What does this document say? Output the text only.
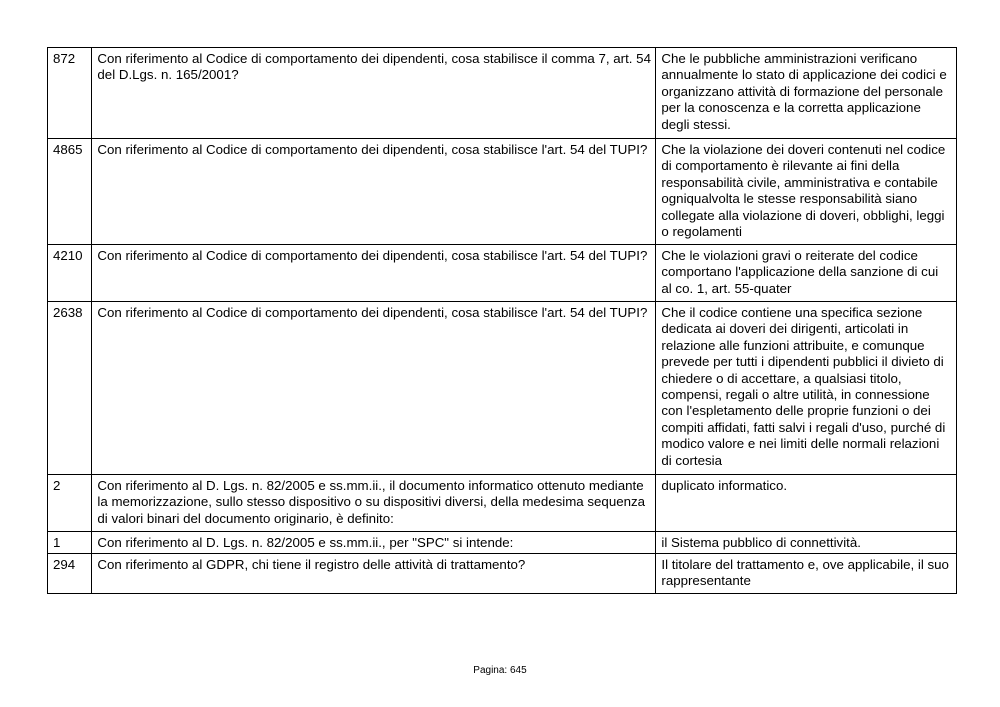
872	Con riferimento al Codice di comportamento dei dipendenti, cosa stabilisce il comma 7, art. 54 del D.Lgs. n. 165/2001?	Che le pubbliche amministrazioni verificano annualmente lo stato di applicazione dei codici e organizzano attività di formazione del personale per la conoscenza e la corretta applicazione degli stessi.
4865	Con riferimento al Codice di comportamento dei dipendenti, cosa stabilisce l'art. 54 del TUPI?	Che la violazione dei doveri contenuti nel codice di comportamento è rilevante ai fini della responsabilità civile, amministrativa e contabile ogniqualvolta le stesse responsabilità siano collegate alla violazione di doveri, obblighi, leggi o regolamenti
4210	Con riferimento al Codice di comportamento dei dipendenti, cosa stabilisce l'art. 54 del TUPI?	Che le violazioni gravi o reiterate del codice comportano l'applicazione della sanzione di cui al co. 1, art. 55-quater
2638	Con riferimento al Codice di comportamento dei dipendenti, cosa stabilisce l'art. 54 del TUPI?	Che il codice contiene una specifica sezione dedicata ai doveri dei dirigenti, articolati in relazione alle funzioni attribuite, e comunque prevede per tutti i dipendenti pubblici il divieto di chiedere o di accettare, a qualsiasi titolo, compensi, regali o altre utilità, in connessione con l'espletamento delle proprie funzioni o dei compiti affidati, fatti salvi i regali d'uso, purché di modico valore e nei limiti delle normali relazioni di cortesia
2	Con riferimento al D. Lgs. n. 82/2005 e ss.mm.ii., il documento informatico ottenuto mediante la memorizzazione, sullo stesso dispositivo o su dispositivi diversi, della medesima sequenza di valori binari del documento originario, è definito:	duplicato informatico.
1	Con riferimento al D. Lgs. n. 82/2005 e ss.mm.ii., per "SPC" si intende:	il Sistema pubblico di connettività.
294	Con riferimento al GDPR, chi tiene il registro delle attività di trattamento?	Il titolare del trattamento e, ove applicabile, il suo rappresentante
Pagina: 645
